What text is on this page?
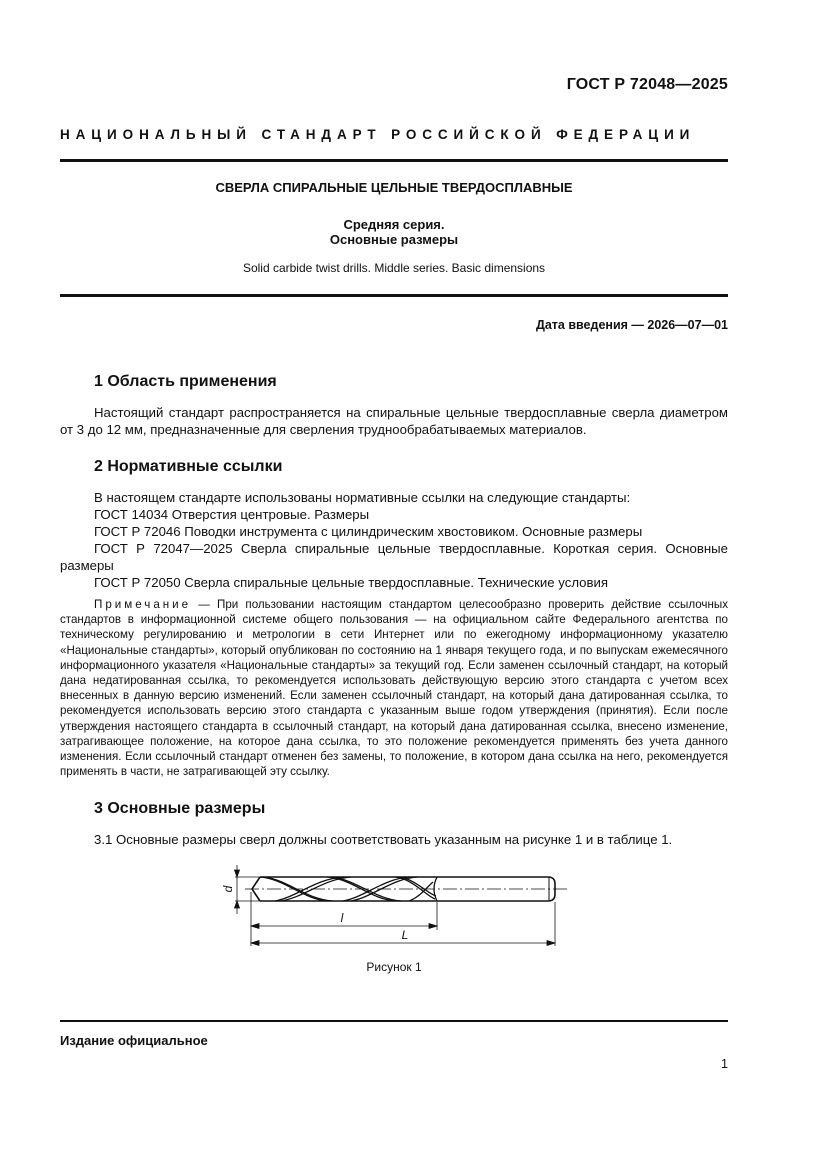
ГОСТ Р 72048—2025
НАЦИОНАЛЬНЫЙ СТАНДАРТ РОССИЙСКОЙ ФЕДЕРАЦИИ
СВЕРЛА СПИРАЛЬНЫЕ ЦЕЛЬНЫЕ ТВЕРДОСПЛАВНЫЕ
Средняя серия.
Основные размеры
Solid carbide twist drills. Middle series. Basic dimensions
Дата введения — 2026—07—01
1 Область применения
Настоящий стандарт распространяется на спиральные цельные твердосплавные сверла диаметром от 3 до 12 мм, предназначенные для сверления труднообрабатываемых материалов.
2 Нормативные ссылки
В настоящем стандарте использованы нормативные ссылки на следующие стандарты:
ГОСТ 14034 Отверстия центровые. Размеры
ГОСТ Р 72046 Поводки инструмента с цилиндрическим хвостовиком. Основные размеры
ГОСТ Р 72047—2025 Сверла спиральные цельные твердосплавные. Короткая серия. Основные размеры
ГОСТ Р 72050 Сверла спиральные цельные твердосплавные. Технические условия
Примечание — При пользовании настоящим стандартом целесообразно проверить действие ссылочных стандартов в информационной системе общего пользования — на официальном сайте Федерального агентства по техническому регулированию и метрологии в сети Интернет или по ежегодному информационному указателю «Национальные стандарты», который опубликован по состоянию на 1 января текущего года, и по выпускам ежемесячного информационного указателя «Национальные стандарты» за текущий год. Если заменен ссылочный стандарт, на который дана недатированная ссылка, то рекомендуется использовать действующую версию этого стандарта с учетом всех внесенных в данную версию изменений. Если заменен ссылочный стандарт, на который дана датированная ссылка, то рекомендуется использовать версию этого стандарта с указанным выше годом утверждения (принятия). Если после утверждения настоящего стандарта в ссылочный стандарт, на который дана датированная ссылка, внесено изменение, затрагивающее положение, на которое дана ссылка, то это положение рекомендуется применять без учета данного изменения. Если ссылочный стандарт отменен без замены, то положение, в котором дана ссылка на него, рекомендуется применять в части, не затрагивающей эту ссылку.
3 Основные размеры
3.1 Основные размеры сверл должны соответствовать указанным на рисунке 1 и в таблице 1.
d
l
L
Рисунок 1
Издание официальное
1
